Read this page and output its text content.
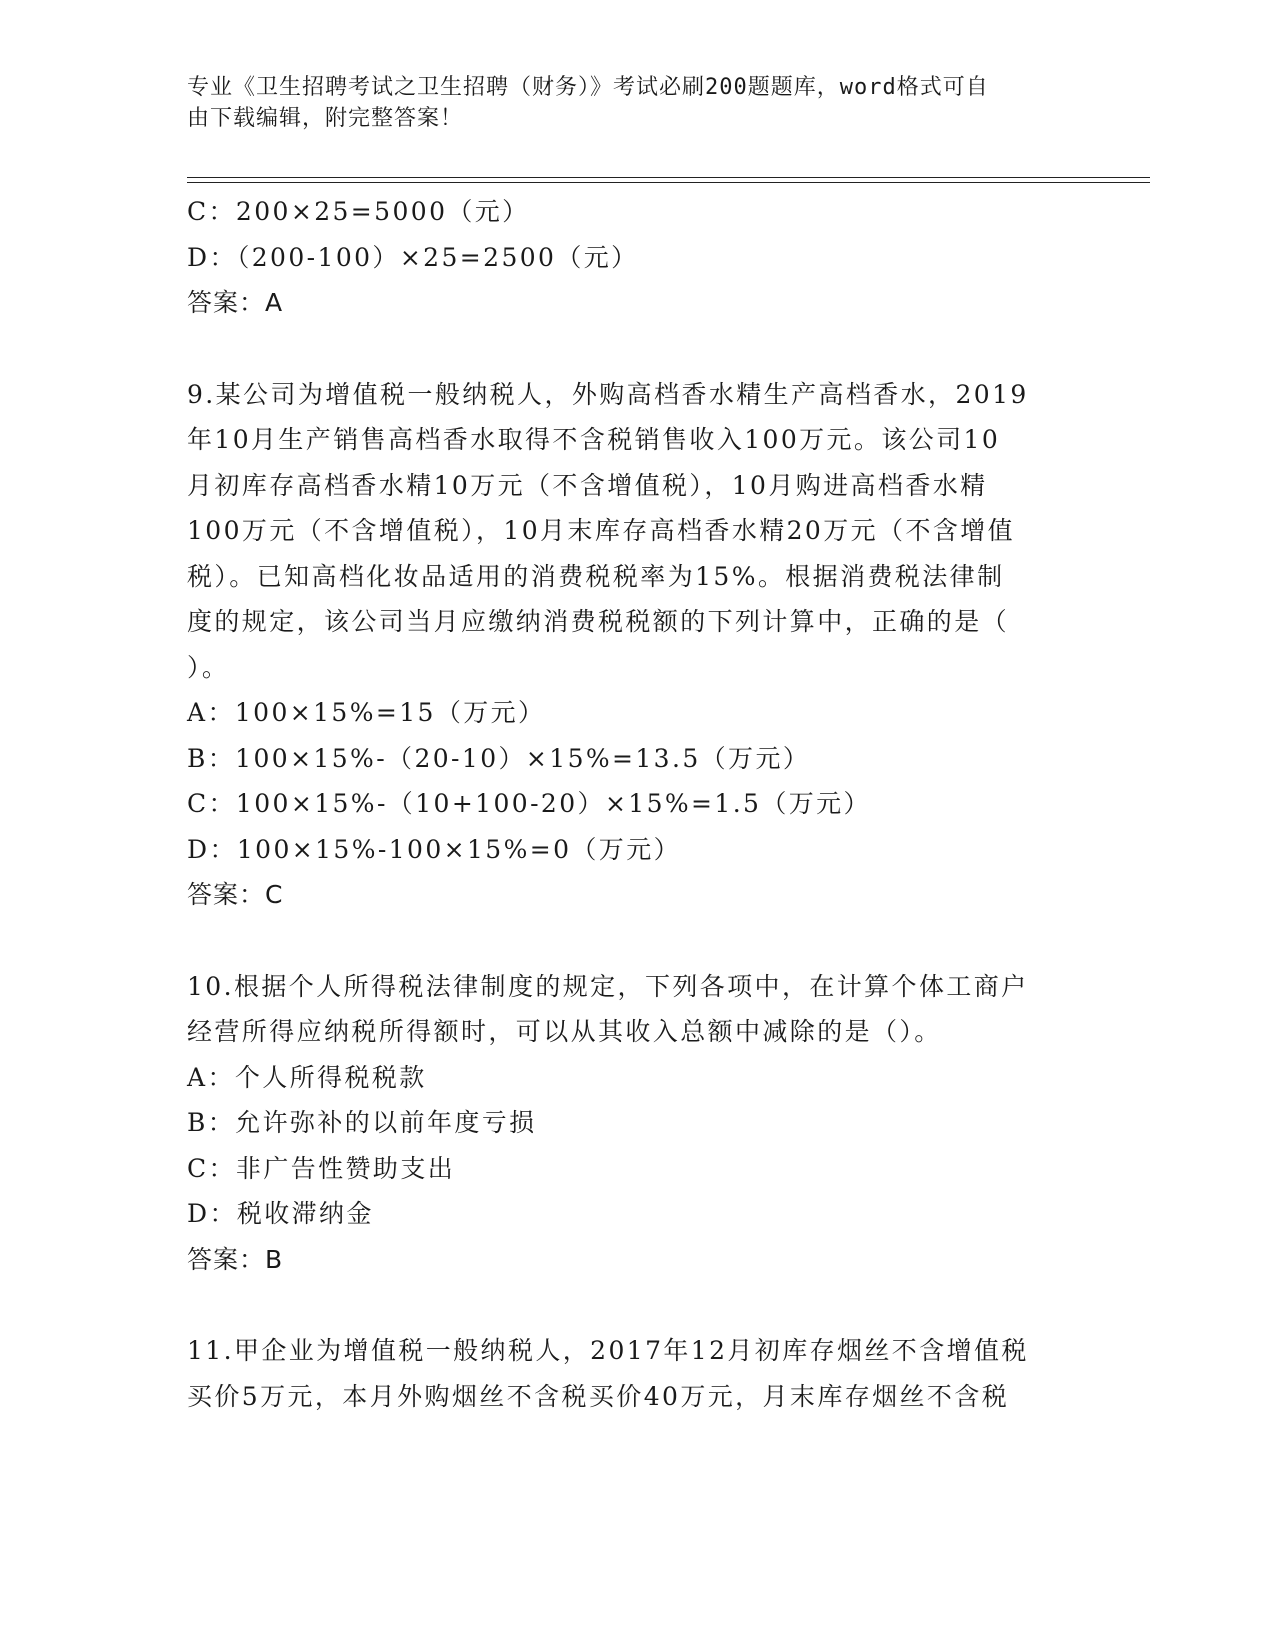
专业《卫生招聘考试之卫生招聘（财务）》考试必刷200题题库，word格式可自
由下载编辑，附完整答案！
C：200×25=5000（元）
D：（200-100）×25=2500（元）
答案：A
9.某公司为增值税一般纳税人，外购高档香水精生产高档香水，2019
年10月生产销售高档香水取得不含税销售收入100万元。该公司10
月初库存高档香水精10万元（不含增值税），10月购进高档香水精
100万元（不含增值税），10月末库存高档香水精20万元（不含增值
税）。已知高档化妆品适用的消费税税率为15%。根据消费税法律制
度的规定，该公司当月应缴纳消费税税额的下列计算中，正确的是（
）。
A：100×15%=15（万元）
B：100×15%-（20-10）×15%=13.5（万元）
C：100×15%-（10+100-20）×15%=1.5（万元）
D：100×15%-100×15%=0（万元）
答案：C
10.根据个人所得税法律制度的规定，下列各项中，在计算个体工商户
经营所得应纳税所得额时，可以从其收入总额中减除的是（）。
A：个人所得税税款
B：允许弥补的以前年度亏损
C：非广告性赞助支出
D：税收滞纳金
答案：B
11.甲企业为增值税一般纳税人，2017年12月初库存烟丝不含增值税
买价5万元，本月外购烟丝不含税买价40万元，月末库存烟丝不含税
